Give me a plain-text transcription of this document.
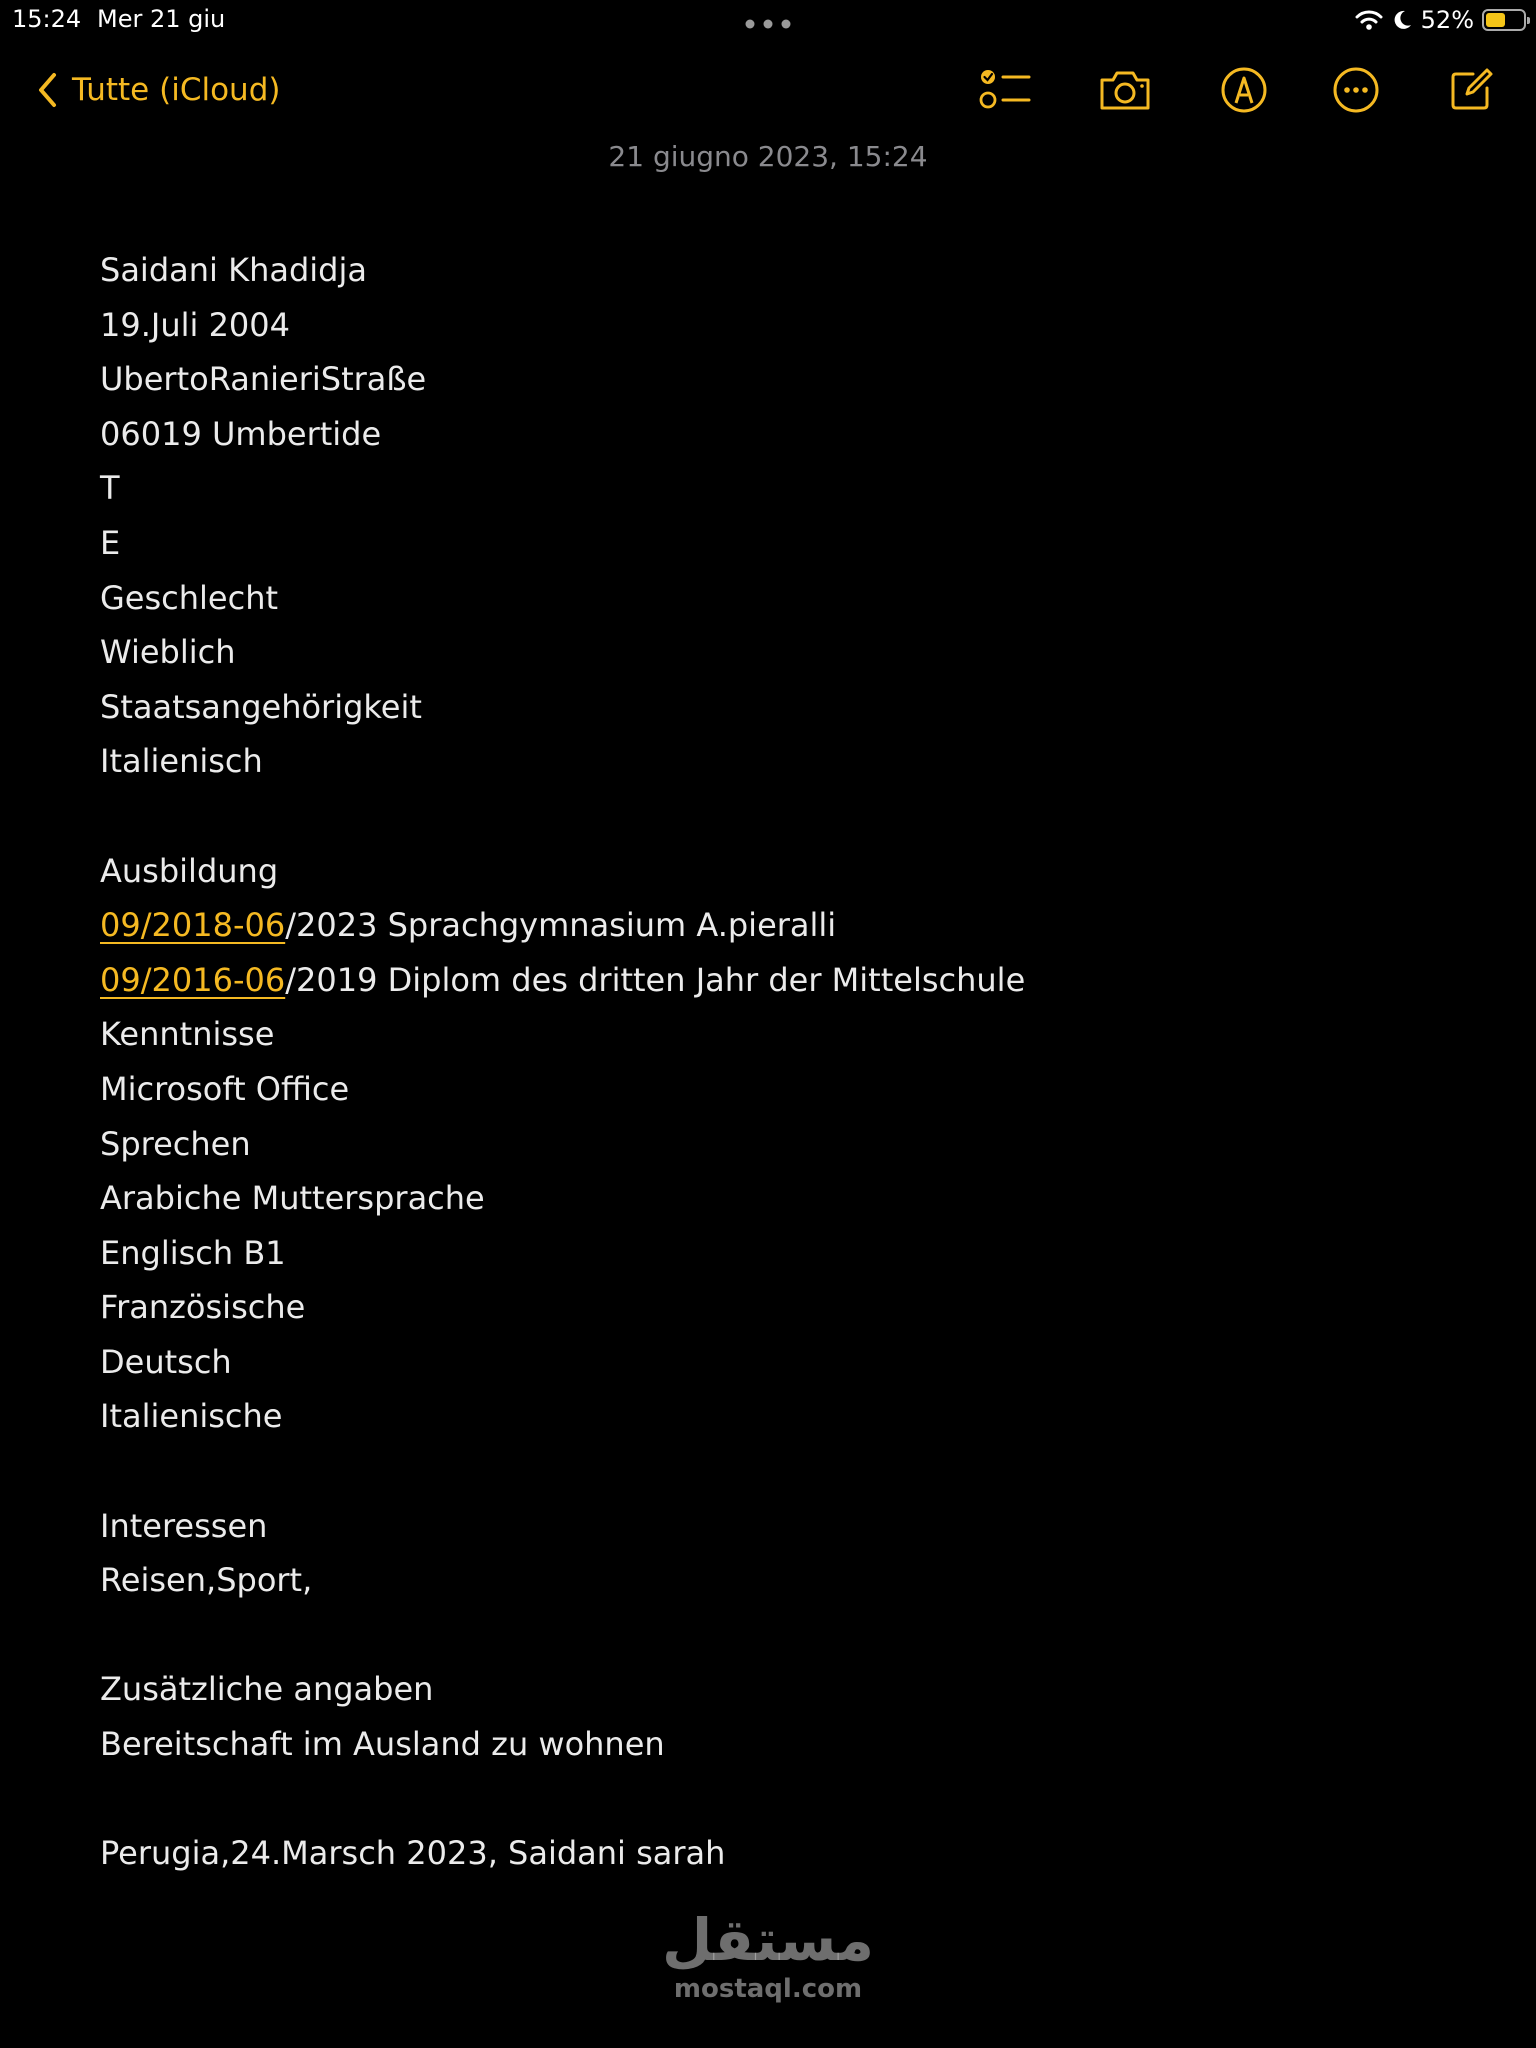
15:24 Mer 21 giu	52%
Tutte (iCloud)
21 giugno 2023, 15:24
Saidani Khadidja
19.Juli 2004
UbertoRanieriStraße
06019 Umbertide
T
E
Geschlecht
Wieblich
Staatsangehörigkeit
Italienisch
Ausbildung
09/2018-06/2023 Sprachgymnasium A.pieralli
09/2016-06/2019 Diplom des dritten Jahr der Mittelschule
Kenntnisse
Microsoft Office
Sprechen
Arabiche Muttersprache
Englisch B1
Französische
Deutsch
Italienische
Interessen
Reisen,Sport,
Zusätzliche angaben
Bereitschaft im Ausland zu wohnen
Perugia,24.Marsch 2023, Saidani sarah
مستقل
mostaql.com
